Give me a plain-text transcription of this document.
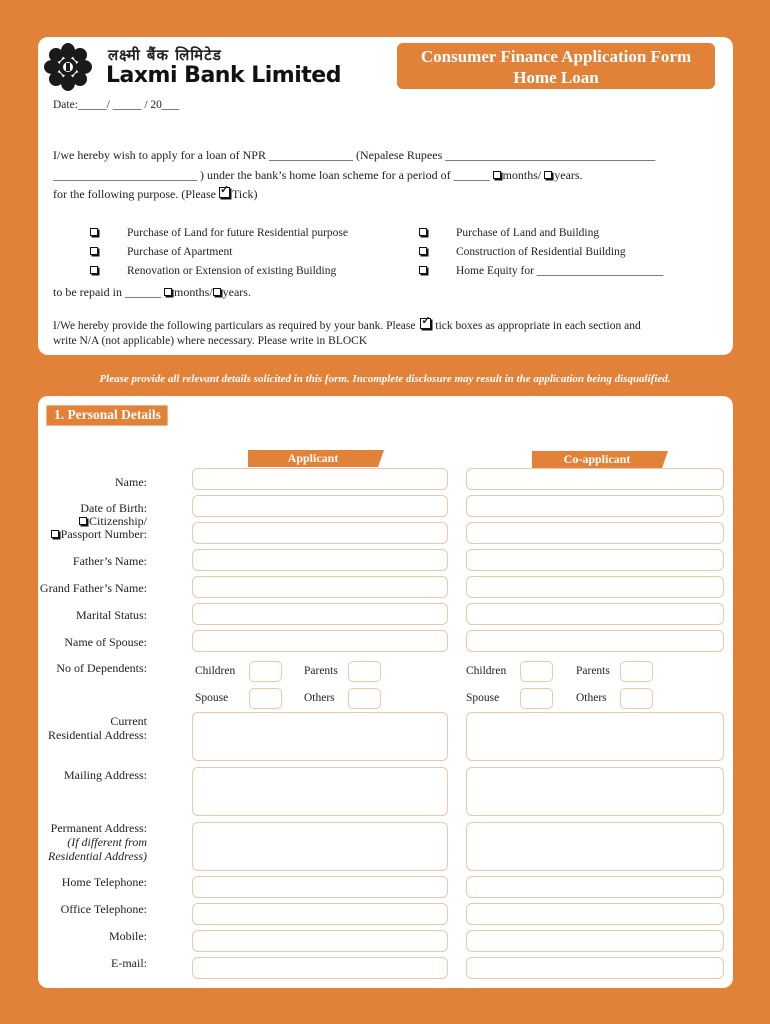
लक्ष्मी बैंक लिमिटेड
Laxmi Bank Limited
Consumer Finance Application Form
Home Loan
Date:_____/ _____ / 20___
I/we hereby wish to apply for a loan of NPR ______________ (Nepalese Rupees ___________________________________
________________________ ) under the bank’s home loan scheme for a period of ______ months/ years.
for the following purpose. (Please ✓ Tick)
Purchase of Land for future Residential purpose
Purchase of Apartment
Renovation or Extension of existing Building
Purchase of Land and Building
Construction of Residential Building
Home Equity for ______________________
to be repaid in ______ months/ years.
I/We hereby provide the following particulars as required by your bank. Please ✓ tick boxes as appropriate in each section and
write N/A (not applicable) where necessary. Please write in BLOCK
Please provide all relevant details solicited in this form. Incomplete disclosure may result in the application being disqualified.
1. Personal Details
Applicant	Co-applicant
Name:
Date of Birth:
Citizenship/
Passport Number:
Father’s Name:
Grand Father’s Name:
Marital Status:
Name of Spouse:
No of Dependents:
Current
Residential Address:
Mailing Address:
Permanent Address:
(If different from
Residential Address)
Home Telephone:
Office Telephone:
Mobile:
E-mail:
Children	Parents
Spouse	Others
Children	Parents
Spouse	Others
